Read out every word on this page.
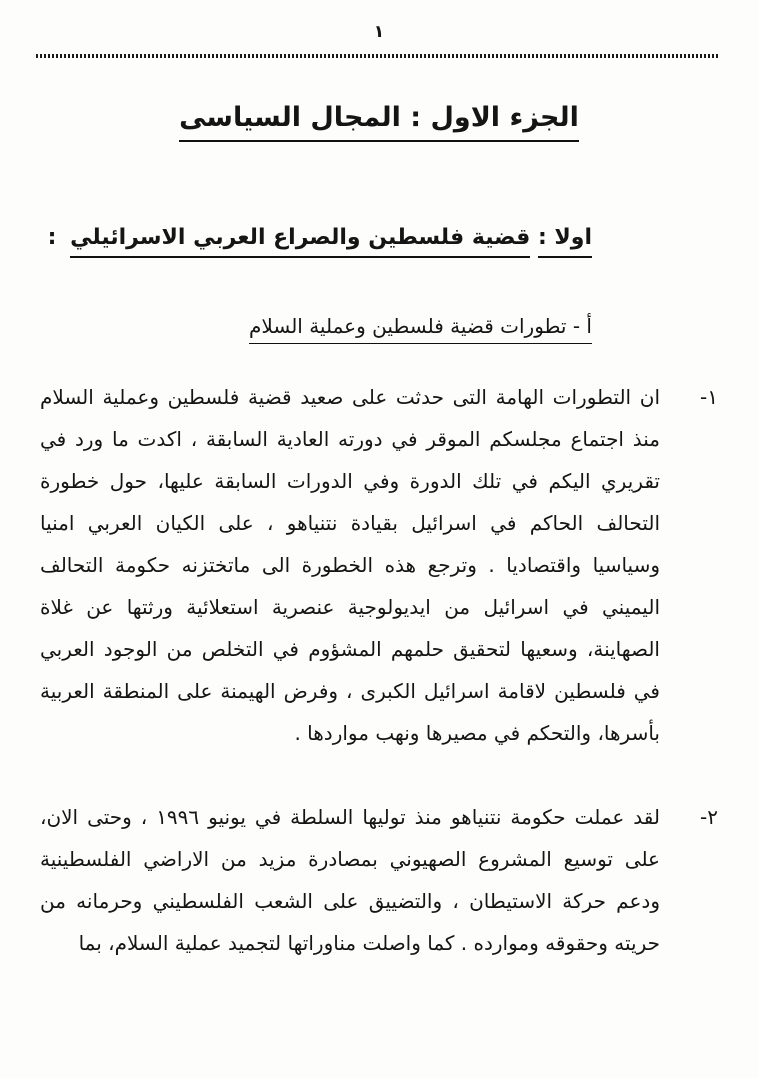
١
الجزء الاول : المجال السياسى
اولا : قضية فلسطين والصراع العربي الاسرائيلي :
أ - تطورات قضية فلسطين وعملية السلام
١-

ان التطورات الهامة التى حدثت على صعيد قضية فلسطين وعملية السلام منذ اجتماع مجلسكم الموقر في دورته العادية السابقة ، اكدت ما ورد في تقريري اليكم في تلك الدورة وفي الدورات السابقة عليها، حول خطورة التحالف الحاكم في اسرائيل بقيادة نتنياهو ، على الكيان العربي امنيا وسياسيا واقتصاديا . وترجع هذه الخطورة الى ماتختزنه حكومة التحالف اليميني في اسرائيل من ايديولوجية عنصرية استعلائية ورثتها عن غلاة الصهاينة، وسعيها لتحقيق حلمهم المشؤوم في التخلص من الوجود العربي في فلسطين لاقامة اسرائيل الكبرى ، وفرض الهيمنة على المنطقة العربية بأسرها، والتحكم في مصيرها ونهب مواردها .

٢-

لقد عملت حكومة نتنياهو منذ توليها السلطة في يونيو ١٩٩٦ ، وحتى الان، على توسيع المشروع الصهيوني بمصادرة مزيد من الاراضي الفلسطينية ودعم حركة الاستيطان ، والتضييق على الشعب الفلسطيني وحرمانه من حريته وحقوقه وموارده . كما واصلت مناوراتها لتجميد عملية السلام، بما
